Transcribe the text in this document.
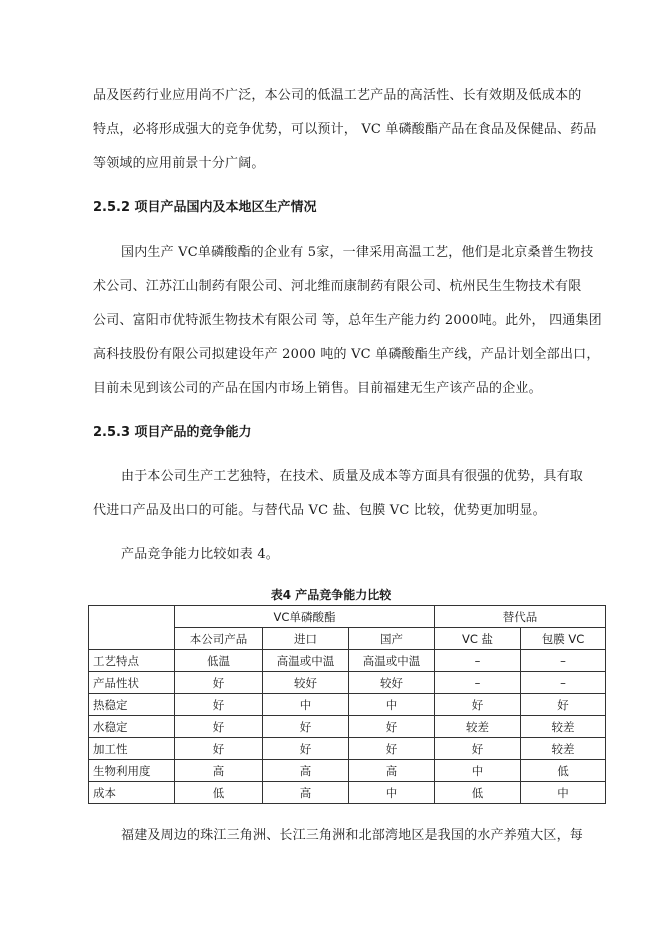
品及医药行业应用尚不广泛，本公司的低温工艺产品的高活性、长有效期及低成本的
特点，必将形成强大的竞争优势，可以预计， VC 单磷酸酯产品在食品及保健品、药品
等领域的应用前景十分广阔。
2.5.2 项目产品国内及本地区生产情况
国内生产 VC单磷酸酯的企业有 5家，一律采用高温工艺，他们是北京桑普生物技
术公司、江苏江山制药有限公司、河北维而康制药有限公司、杭州民生生物技术有限
公司、富阳市优特派生物技术有限公司 等，总年生产能力约 2000吨。此外， 四通集团
高科技股份有限公司拟建设年产 2000 吨的 VC 单磷酸酯生产线，产品计划全部出口，
目前未见到该公司的产品在国内市场上销售。目前福建无生产该产品的企业。
2.5.3 项目产品的竞争能力
由于本公司生产工艺独特，在技术、质量及成本等方面具有很强的优势，具有取
代进口产品及出口的可能。与替代品 VC 盐、包膜 VC 比较，优势更加明显。
产品竞争能力比较如表 4。
表4 产品竞争能力比较
	VC单磷酸酯			替代品	
	本公司产品	进口	国产	VC 盐	包膜 VC
工艺特点	低温	高温或中温	高温或中温	–	–
产品性状	好	较好	较好	–	–
热稳定	好	中	中	好	好
水稳定	好	好	好	较差	较差
加工性	好	好	好	好	较差
生物利用度	高	高	高	中	低
成本	低	高	中	低	中
福建及周边的珠江三角洲、长江三角洲和北部湾地区是我国的水产养殖大区，每
